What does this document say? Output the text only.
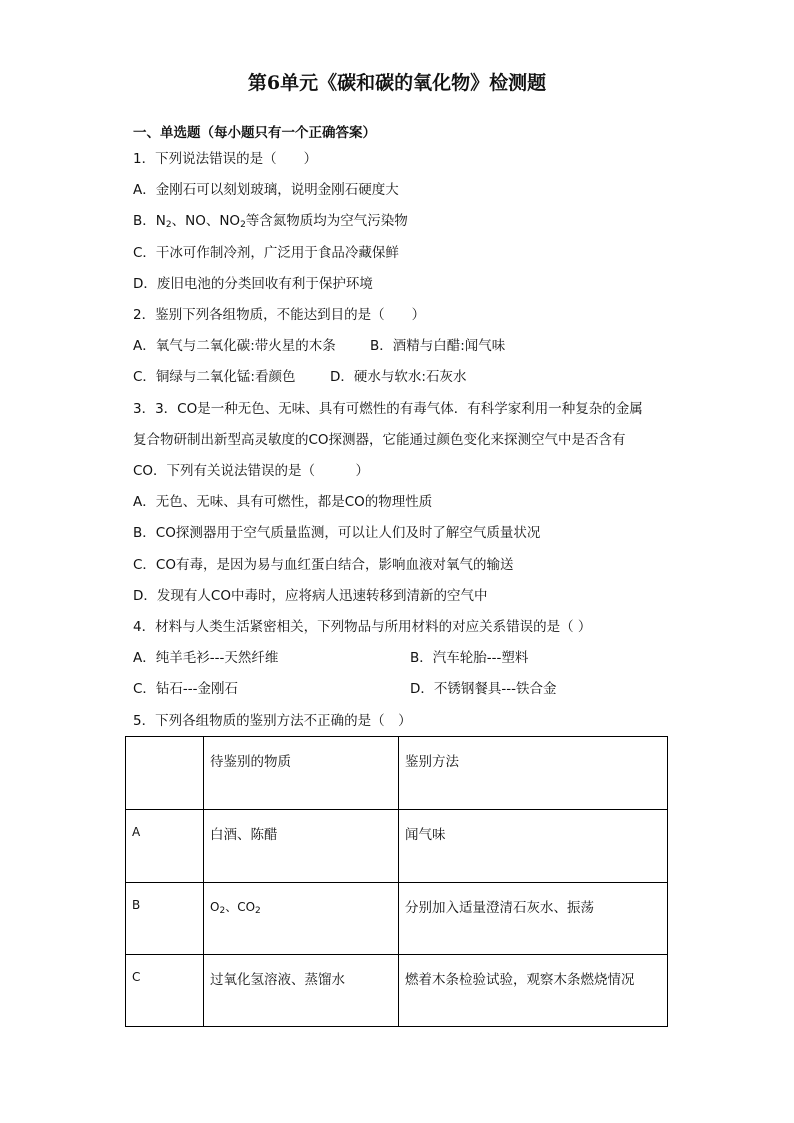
第6单元《碳和碳的氧化物》检测题
一、单选题（每小题只有一个正确答案）
1．下列说法错误的是（　　）
A．金刚石可以刻划玻璃，说明金刚石硬度大
B．$N_2$、NO、$NO_2$等含氮物质均为空气污染物
C．干冰可作制冷剂，广泛用于食品冷藏保鲜
D．废旧电池的分类回收有利于保护环境
2．鉴别下列各组物质，不能达到目的是（　　）
A．氧气与二氧化碳:带火星的木条	B．酒精与白醋:闻气味
C．铜绿与二氧化锰:看颜色	D．硬水与软水:石灰水
3．3．CO是一种无色、无味、具有可燃性的有毒气体．有科学家利用一种复杂的金属
复合物研制出新型高灵敏度的CO探测器，它能通过颜色变化来探测空气中是否含有
CO．下列有关说法错误的是（　　　）
A．无色、无味、具有可燃性，都是CO的物理性质
B．CO探测器用于空气质量监测，可以让人们及时了解空气质量状况
C．CO有毒，是因为易与血红蛋白结合，影响血液对氧气的输送
D．发现有人CO中毒时，应将病人迅速转移到清新的空气中
4．材料与人类生活紧密相关，下列物品与所用材料的对应关系错误的是（ ）
A．纯羊毛衫---天然纤维	B．汽车轮胎---塑料
C．钻石---金刚石	D．不锈钢餐具---铁合金
5．下列各组物质的鉴别方法不正确的是（　）

	待鉴别的物质	鉴别方法

A	白酒、陈醋	闻气味

B	$O_2$、$CO_2$	分别加入适量澄清石灰水、振荡

C	过氧化氢溶液、蒸馏水	燃着木条检验试验，观察木条燃烧情况
